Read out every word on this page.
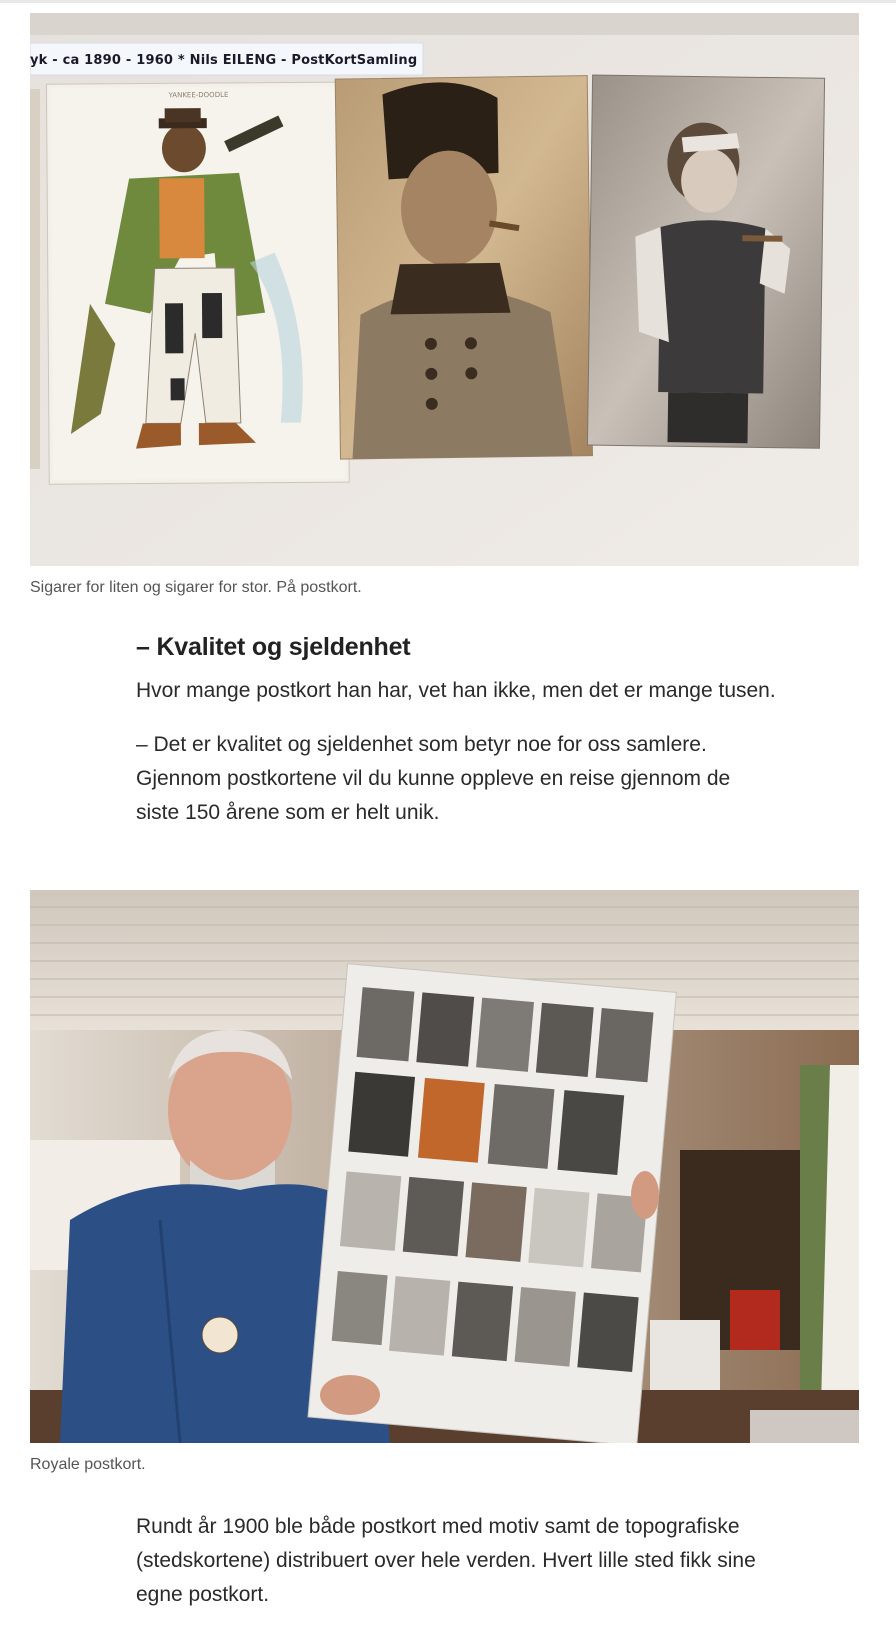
YANKEE-DOODLE
yk - ca 1890 - 1960 * Nils EILENG - PostKortSamling
Sigarer for liten og sigarer for stor. På postkort.
– Kvalitet og sjeldenhet

Hvor mange postkort han har, vet han ikke, men det er mange tusen.

– Det er kvalitet og sjeldenhet som betyr noe for oss samlere. Gjennom postkortene vil du kunne oppleve en reise gjennom de siste 150 årene som er helt unik.

Royale postkort.

Rundt år 1900 ble både postkort med motiv samt de topografiske (stedskortene) distribuert over hele verden. Hvert lille sted fikk sine egne postkort.
